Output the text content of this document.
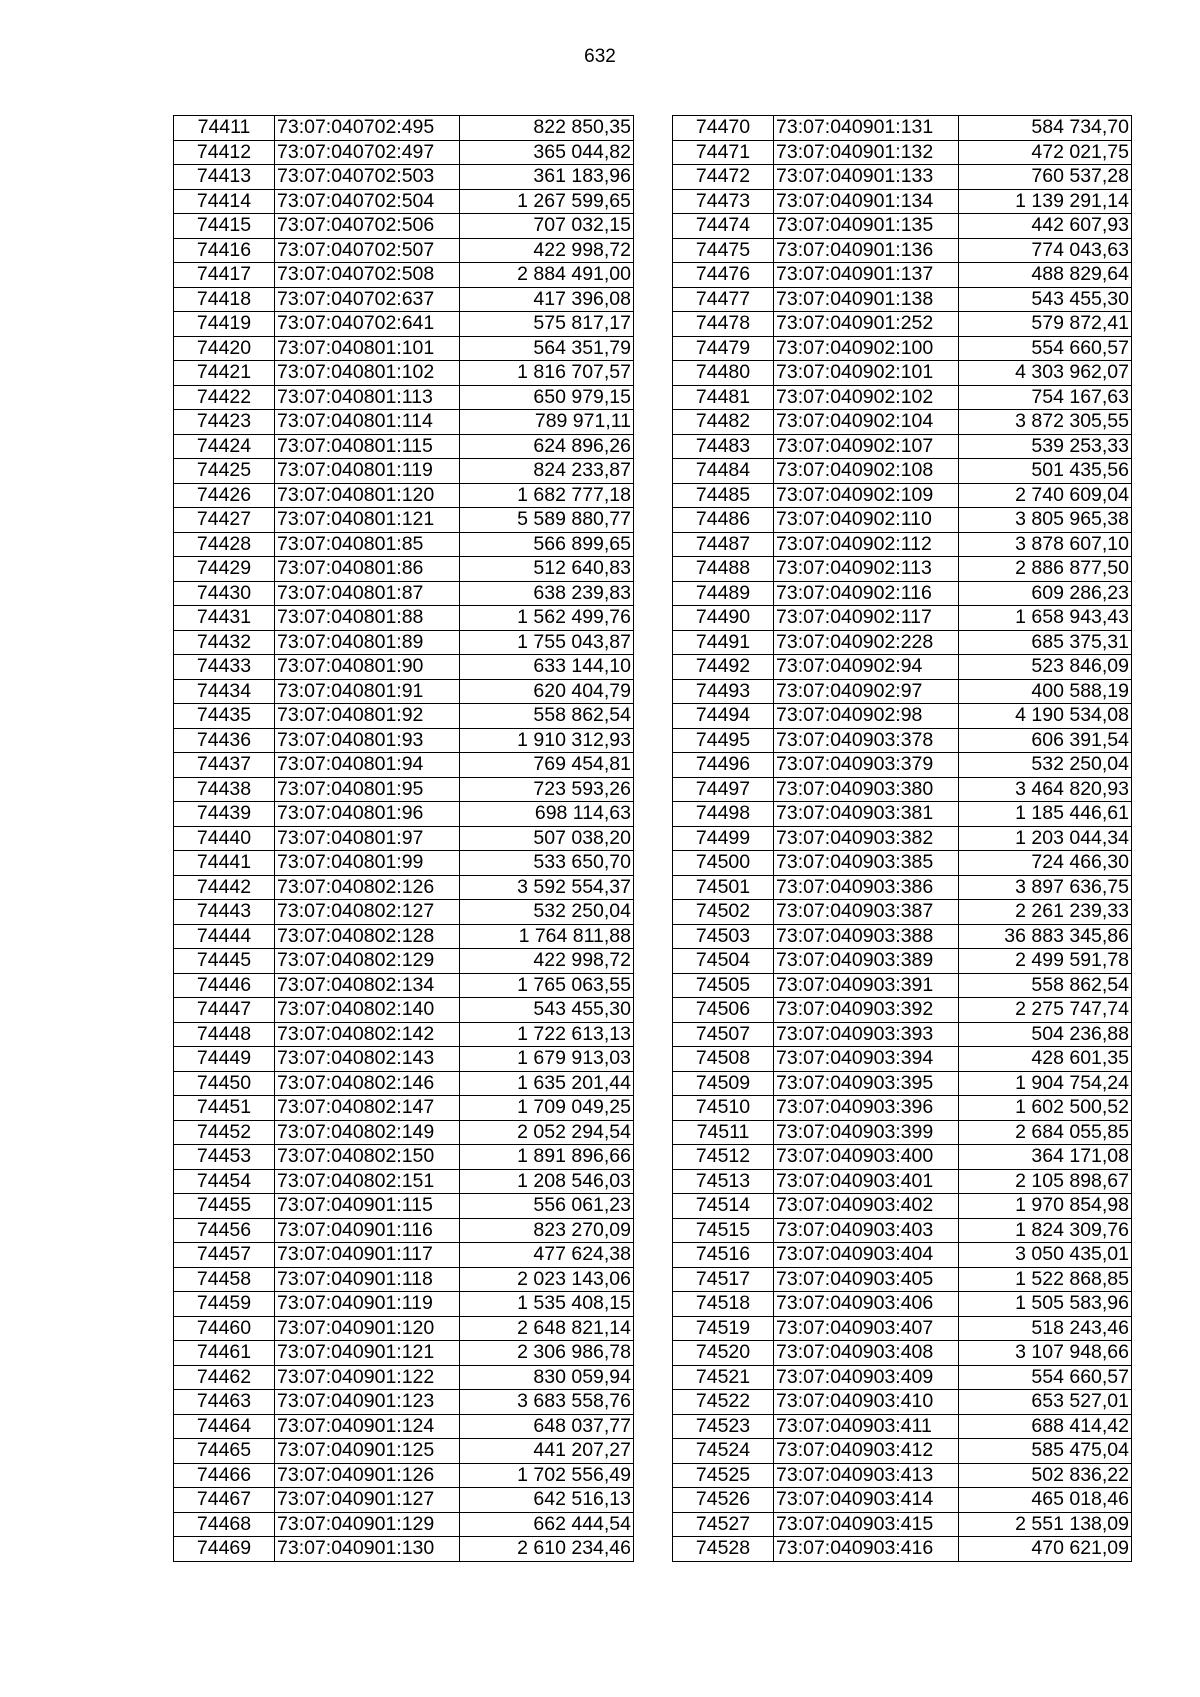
632
74411	73:07:040702:495	822 850,35
74412	73:07:040702:497	365 044,82
74413	73:07:040702:503	361 183,96
74414	73:07:040702:504	1 267 599,65
74415	73:07:040702:506	707 032,15
74416	73:07:040702:507	422 998,72
74417	73:07:040702:508	2 884 491,00
74418	73:07:040702:637	417 396,08
74419	73:07:040702:641	575 817,17
74420	73:07:040801:101	564 351,79
74421	73:07:040801:102	1 816 707,57
74422	73:07:040801:113	650 979,15
74423	73:07:040801:114	789 971,11
74424	73:07:040801:115	624 896,26
74425	73:07:040801:119	824 233,87
74426	73:07:040801:120	1 682 777,18
74427	73:07:040801:121	5 589 880,77
74428	73:07:040801:85	566 899,65
74429	73:07:040801:86	512 640,83
74430	73:07:040801:87	638 239,83
74431	73:07:040801:88	1 562 499,76
74432	73:07:040801:89	1 755 043,87
74433	73:07:040801:90	633 144,10
74434	73:07:040801:91	620 404,79
74435	73:07:040801:92	558 862,54
74436	73:07:040801:93	1 910 312,93
74437	73:07:040801:94	769 454,81
74438	73:07:040801:95	723 593,26
74439	73:07:040801:96	698 114,63
74440	73:07:040801:97	507 038,20
74441	73:07:040801:99	533 650,70
74442	73:07:040802:126	3 592 554,37
74443	73:07:040802:127	532 250,04
74444	73:07:040802:128	1 764 811,88
74445	73:07:040802:129	422 998,72
74446	73:07:040802:134	1 765 063,55
74447	73:07:040802:140	543 455,30
74448	73:07:040802:142	1 722 613,13
74449	73:07:040802:143	1 679 913,03
74450	73:07:040802:146	1 635 201,44
74451	73:07:040802:147	1 709 049,25
74452	73:07:040802:149	2 052 294,54
74453	73:07:040802:150	1 891 896,66
74454	73:07:040802:151	1 208 546,03
74455	73:07:040901:115	556 061,23
74456	73:07:040901:116	823 270,09
74457	73:07:040901:117	477 624,38
74458	73:07:040901:118	2 023 143,06
74459	73:07:040901:119	1 535 408,15
74460	73:07:040901:120	2 648 821,14
74461	73:07:040901:121	2 306 986,78
74462	73:07:040901:122	830 059,94
74463	73:07:040901:123	3 683 558,76
74464	73:07:040901:124	648 037,77
74465	73:07:040901:125	441 207,27
74466	73:07:040901:126	1 702 556,49
74467	73:07:040901:127	642 516,13
74468	73:07:040901:129	662 444,54
74469	73:07:040901:130	2 610 234,46
74470	73:07:040901:131	584 734,70
74471	73:07:040901:132	472 021,75
74472	73:07:040901:133	760 537,28
74473	73:07:040901:134	1 139 291,14
74474	73:07:040901:135	442 607,93
74475	73:07:040901:136	774 043,63
74476	73:07:040901:137	488 829,64
74477	73:07:040901:138	543 455,30
74478	73:07:040901:252	579 872,41
74479	73:07:040902:100	554 660,57
74480	73:07:040902:101	4 303 962,07
74481	73:07:040902:102	754 167,63
74482	73:07:040902:104	3 872 305,55
74483	73:07:040902:107	539 253,33
74484	73:07:040902:108	501 435,56
74485	73:07:040902:109	2 740 609,04
74486	73:07:040902:110	3 805 965,38
74487	73:07:040902:112	3 878 607,10
74488	73:07:040902:113	2 886 877,50
74489	73:07:040902:116	609 286,23
74490	73:07:040902:117	1 658 943,43
74491	73:07:040902:228	685 375,31
74492	73:07:040902:94	523 846,09
74493	73:07:040902:97	400 588,19
74494	73:07:040902:98	4 190 534,08
74495	73:07:040903:378	606 391,54
74496	73:07:040903:379	532 250,04
74497	73:07:040903:380	3 464 820,93
74498	73:07:040903:381	1 185 446,61
74499	73:07:040903:382	1 203 044,34
74500	73:07:040903:385	724 466,30
74501	73:07:040903:386	3 897 636,75
74502	73:07:040903:387	2 261 239,33
74503	73:07:040903:388	36 883 345,86
74504	73:07:040903:389	2 499 591,78
74505	73:07:040903:391	558 862,54
74506	73:07:040903:392	2 275 747,74
74507	73:07:040903:393	504 236,88
74508	73:07:040903:394	428 601,35
74509	73:07:040903:395	1 904 754,24
74510	73:07:040903:396	1 602 500,52
74511	73:07:040903:399	2 684 055,85
74512	73:07:040903:400	364 171,08
74513	73:07:040903:401	2 105 898,67
74514	73:07:040903:402	1 970 854,98
74515	73:07:040903:403	1 824 309,76
74516	73:07:040903:404	3 050 435,01
74517	73:07:040903:405	1 522 868,85
74518	73:07:040903:406	1 505 583,96
74519	73:07:040903:407	518 243,46
74520	73:07:040903:408	3 107 948,66
74521	73:07:040903:409	554 660,57
74522	73:07:040903:410	653 527,01
74523	73:07:040903:411	688 414,42
74524	73:07:040903:412	585 475,04
74525	73:07:040903:413	502 836,22
74526	73:07:040903:414	465 018,46
74527	73:07:040903:415	2 551 138,09
74528	73:07:040903:416	470 621,09
